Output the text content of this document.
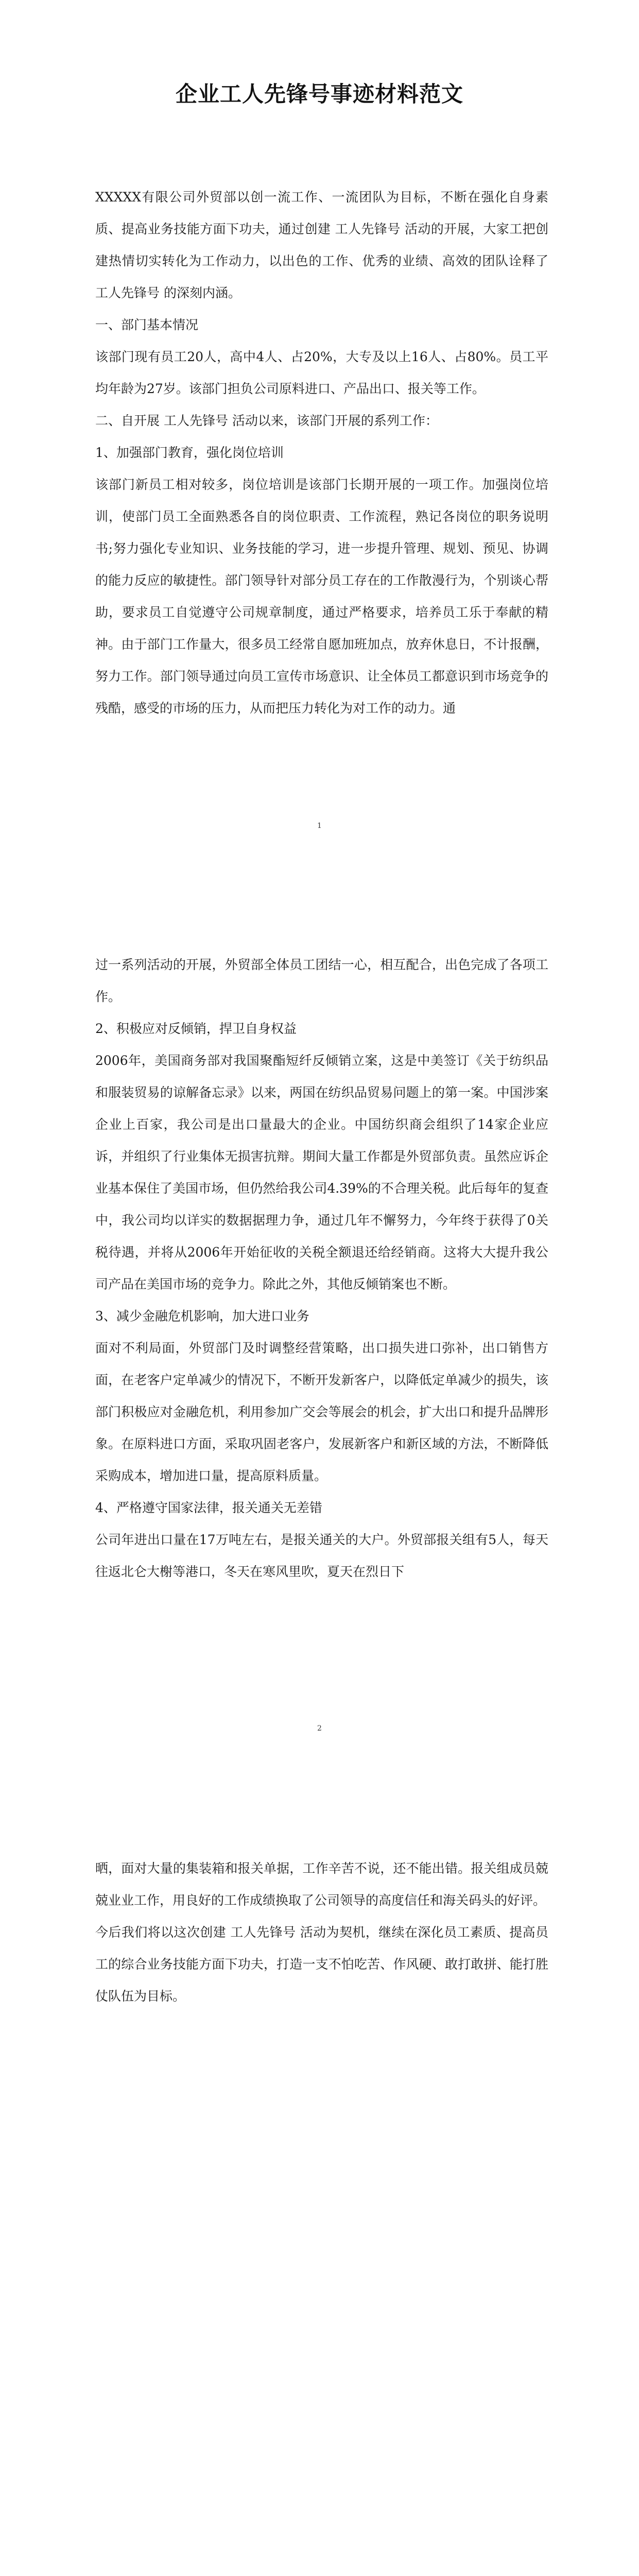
企业工人先锋号事迹材料范文

XXXXX有限公司外贸部以创一流工作、一流团队为目标，不断在强化自身素质、提高业务技能方面下功夫，通过创建 工人先锋号 活动的开展，大家工把创建热情切实转化为工作动力，以出色的工作、优秀的业绩、高效的团队诠释了 工人先锋号 的深刻内涵。

一、部门基本情况

该部门现有员工20人，高中4人、占20%，大专及以上16人、占80%。员工平均年龄为27岁。该部门担负公司原料进口、产品出口、报关等工作。

二、自开展 工人先锋号 活动以来，该部门开展的系列工作：

1、加强部门教育，强化岗位培训

该部门新员工相对较多，岗位培训是该部门长期开展的一项工作。加强岗位培训，使部门员工全面熟悉各自的岗位职责、工作流程，熟记各岗位的职务说明书;努力强化专业知识、业务技能的学习，进一步提升管理、规划、预见、协调的能力反应的敏捷性。部门领导针对部分员工存在的工作散漫行为，个别谈心帮助，要求员工自觉遵守公司规章制度，通过严格要求，培养员工乐于奉献的精神。由于部门工作量大，很多员工经常自愿加班加点，放弃休息日，不计报酬，努力工作。部门领导通过向员工宣传市场意识、让全体员工都意识到市场竞争的残酷，感受的市场的压力，从而把压力转化为对工作的动力。通

1

过一系列活动的开展，外贸部全体员工团结一心，相互配合，出色完成了各项工作。

2、积极应对反倾销，捍卫自身权益

2006年，美国商务部对我国聚酯短纤反倾销立案，这是中美签订《关于纺织品和服装贸易的谅解备忘录》以来，两国在纺织品贸易问题上的第一案。中国涉案企业上百家，我公司是出口量最大的企业。中国纺织商会组织了14家企业应诉，并组织了行业集体无损害抗辩。期间大量工作都是外贸部负责。虽然应诉企业基本保住了美国市场，但仍然给我公司4.39%的不合理关税。此后每年的复查中，我公司均以详实的数据据理力争，通过几年不懈努力，今年终于获得了0关税待遇，并将从2006年开始征收的关税全额退还给经销商。这将大大提升我公司产品在美国市场的竞争力。除此之外，其他反倾销案也不断。

3、减少金融危机影响，加大进口业务

面对不利局面，外贸部门及时调整经营策略，出口损失进口弥补，出口销售方面，在老客户定单减少的情况下，不断开发新客户，以降低定单减少的损失，该部门积极应对金融危机，利用参加广交会等展会的机会，扩大出口和提升品牌形象。在原料进口方面，采取巩固老客户，发展新客户和新区域的方法，不断降低采购成本，增加进口量，提高原料质量。

4、严格遵守国家法律，报关通关无差错

公司年进出口量在17万吨左右，是报关通关的大户。外贸部报关组有5人，每天往返北仑大榭等港口，冬天在寒风里吹，夏天在烈日下

2

晒，面对大量的集装箱和报关单据，工作辛苦不说，还不能出错。报关组成员兢兢业业工作，用良好的工作成绩换取了公司领导的高度信任和海关码头的好评。

今后我们将以这次创建 工人先锋号 活动为契机，继续在深化员工素质、提高员工的综合业务技能方面下功夫，打造一支不怕吃苦、作风硬、敢打敢拼、能打胜仗队伍为目标。
